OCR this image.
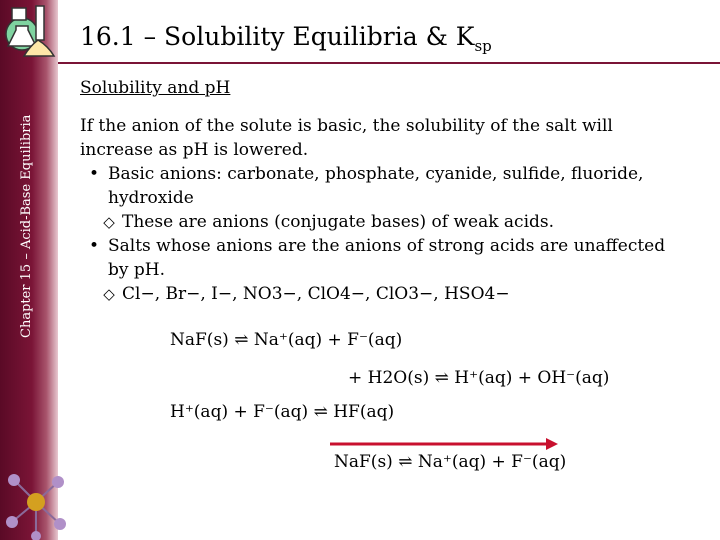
Chapter 15 – Acid-Base Equilibria
16.1 – Solubility Equilibria & $K_{sp}$
Solubility and pH

If the anion of the solute is basic, the solubility of the salt will increase as pH is lowered.

• Basic anions: carbonate, phosphate, cyanide, sulfide, fluoride, hydroxide
◇ These are anions (conjugate bases) of weak acids.
• Salts whose anions are the anions of strong acids are unaffected by pH.
◇ Cl−, Br−, I−, NO3−, ClO4−, ClO3−, HSO4−
NaF(s) ⇌ Na⁺(aq) + F⁻(aq)
+ H2O(s) ⇌ H⁺(aq) + OH⁻(aq)
H⁺(aq) + F⁻(aq) ⇌ HF(aq)
NaF(s) ⇌ Na⁺(aq) + F⁻(aq)
